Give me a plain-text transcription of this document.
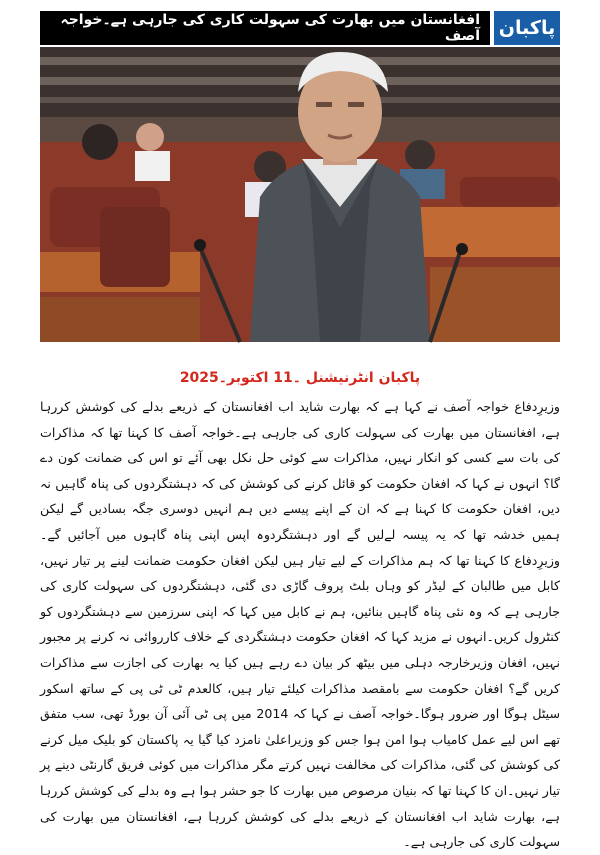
افغانستان میں بھارت کی سہولت کاری کی جارہی ہے۔خواجہ آصف پاکبان
پاکبان انٹرنیشنل ۔11 اکتوبر۔2025
وزیرِدفاع خواجہ آصف نے کہا ہے کہ بھارت شاید اب افغانستان کے ذریعے بدلے کی کوشش کررہا ہے، افغانستان میں بھارت کی سہولت کاری کی جارہی ہے۔خواجہ آصف کا کہنا تھا کہ مذاکرات کی بات سے کسی کو انکار نہیں، مذاکرات سے کوئی حل نکل بھی آئے تو اس کی ضمانت کون دے گا؟ انہوں نے کہا کہ افغان حکومت کو قائل کرنے کی کوشش کی کہ دہشتگردوں کی پناہ گاہیں نہ دیں، افغان حکومت کا کہنا ہے کہ ان کے اپنے پیسے دیں ہم انہیں دوسری جگہ بسادیں گے لیکن ہمیں خدشہ تھا کہ یہ پیسہ لےلیں گے اور دہشتگردوہ اپس اپنی پناہ گاہوں میں آجائیں گے۔وزیرِدفاع کا کہنا تھا کہ ہم مذاکرات کے لیے تیار ہیں لیکن افغان حکومت ضمانت لینے پر تیار نہیں، کابل میں طالبان کے لیڈر کو وہاں بلٹ پروف گاڑی دی گئی، دہشتگردوں کی سہولت کاری کی جارہی ہے کہ وہ نئی پناہ گاہیں بنائیں، ہم نے کابل میں کہا کہ اپنی سرزمین سے دہشتگردوں کو کنٹرول کریں۔انہوں نے مزید کہا کہ افغان حکومت دہشتگردی کے خلاف کارروائی نہ کرنے پر مجبور نہیں، افغان وزیرخارجہ دہلی میں بیٹھ کر بیان دے رہے ہیں کیا یہ بھارت کی اجازت سے مذاکرات کریں گے؟ افغان حکومت سے بامقصد مذاکرات کیلئے تیار ہیں، کالعدم ٹی ٹی پی کے ساتھ اسکور سیٹل ہوگا اور ضرور ہوگا۔خواجہ آصف نے کہا کہ 2014 میں پی ٹی آئی آن بورڈ تھی، سب متفق تھے اس لیے عمل کامیاب ہوا امن ہوا جس کو وزیراعلیٰ نامزد کیا گیا یہ پاکستان کو بلیک میل کرنے کی کوشش کی گئی، مذاکرات کی مخالفت نہیں کرتے مگر مذاکرات میں کوئی فریق گارنٹی دینے پر تیار نہیں۔ان کا کہنا تھا کہ بنیان مرصوص میں بھارت کا جو حشر ہوا ہے وہ بدلے کی کوشش کررہا ہے، بھارت شاید اب افغانستان کے ذریعے بدلے کی کوشش کررہا ہے، افغانستان میں بھارت کی سہولت کاری کی جارہی ہے۔
